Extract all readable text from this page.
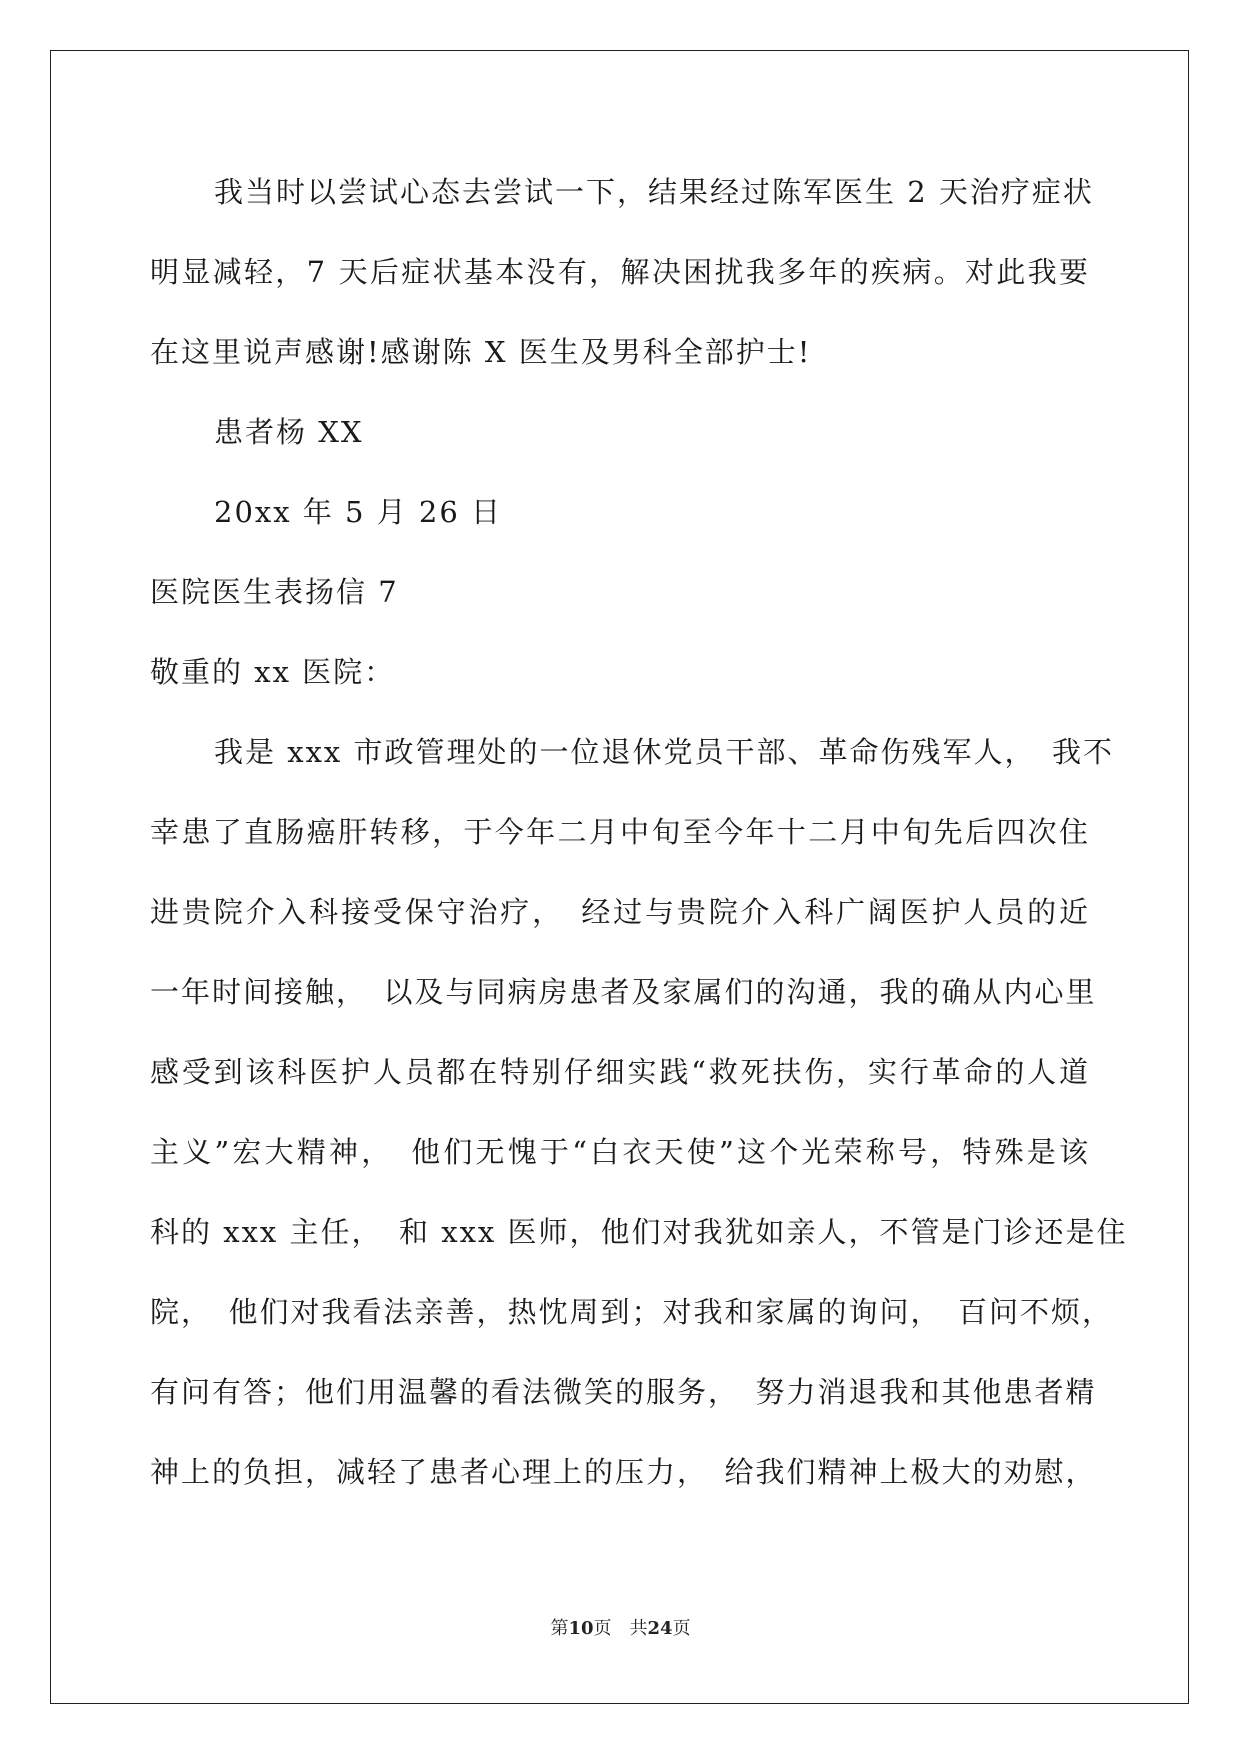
我当时以尝试心态去尝试一下，结果经过陈军医生 2 天治疗症状
明显减轻，7 天后症状基本没有，解决困扰我多年的疾病。对此我要
在这里说声感谢!感谢陈 X 医生及男科全部护士!
患者杨 XX
20xx 年 5 月 26 日
医院医生表扬信 7
敬重的 xx 医院：
我是 xxx 市政管理处的一位退休党员干部、革命伤残军人，　我不
幸患了直肠癌肝转移，于今年二月中旬至今年十二月中旬先后四次住
进贵院介入科接受保守治疗，　经过与贵院介入科广阔医护人员的近
一年时间接触，　以及与同病房患者及家属们的沟通，我的确从内心里
感受到该科医护人员都在特别仔细实践“救死扶伤，实行革命的人道
主义”宏大精神，　他们无愧于“白衣天使”这个光荣称号，特殊是该
科的 xxx 主任，　和 xxx 医师，他们对我犹如亲人，不管是门诊还是住
院，　他们对我看法亲善，热忱周到；对我和家属的询问，　百问不烦，
有问有答；他们用温馨的看法微笑的服务，　努力消退我和其他患者精
神上的负担，减轻了患者心理上的压力，　给我们精神上极大的劝慰，
第10页 共24页
